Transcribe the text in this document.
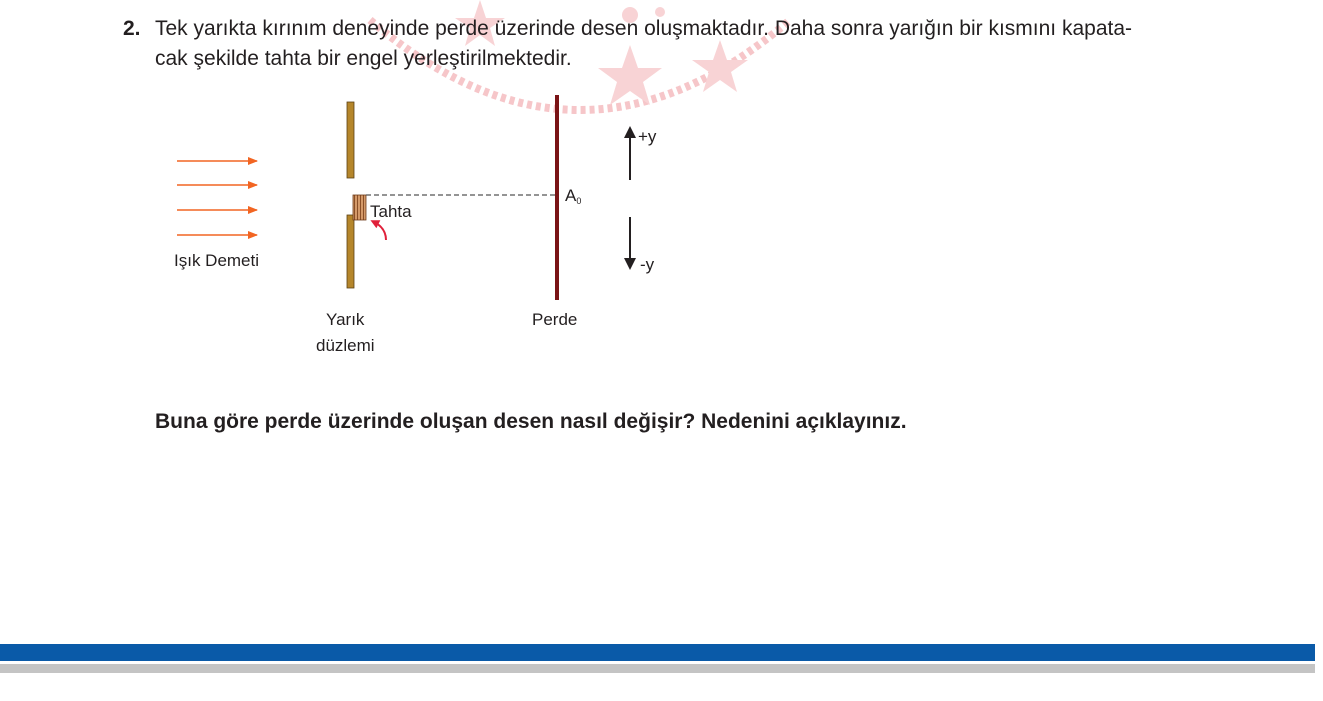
2. Tek yarıkta kırınım deneyinde perde üzerinde desen oluşmaktadır. Daha sonra yarığın bir kısmını kapata-
cak şekilde tahta bir engel yerleştirilmektedir.
Işık Demeti
Tahta
Yarık
düzlemi
Perde
$A_0$
+y
-y
Buna göre perde üzerinde oluşan desen nasıl değişir? Nedenini açıklayınız.
